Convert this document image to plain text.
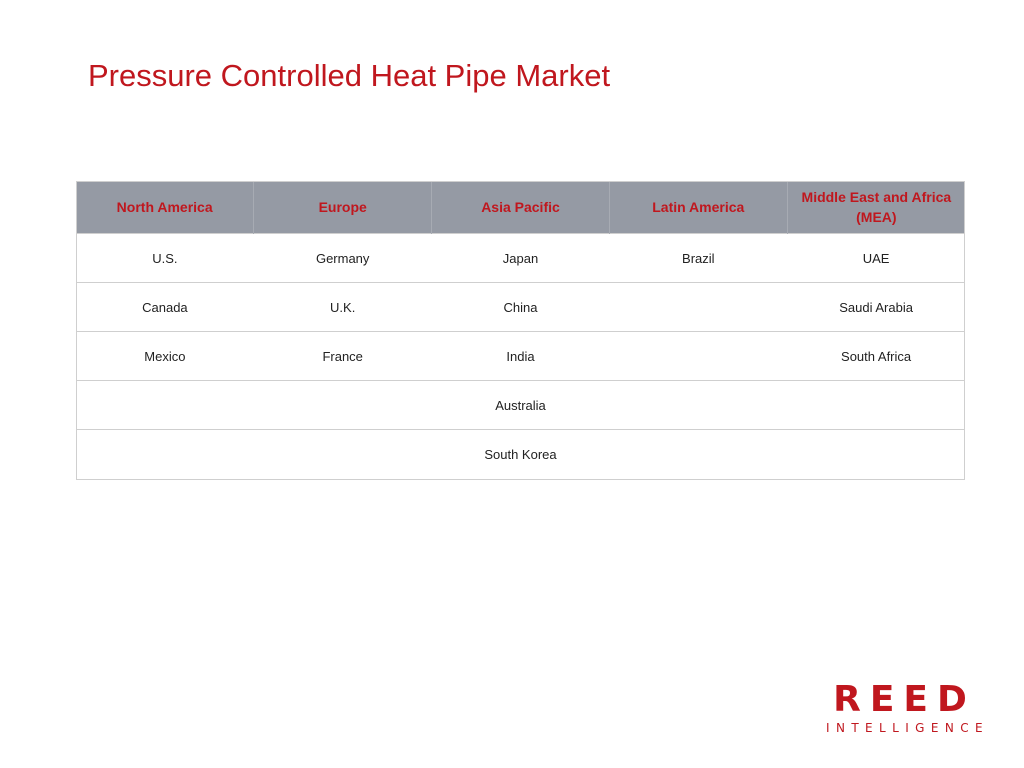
Pressure Controlled Heat Pipe Market
North America	Europe	Asia Pacific	Latin America	Middle East and Africa (MEA)
U.S.	Germany	Japan	Brazil	UAE
Canada	U.K.	China		Saudi Arabia
Mexico	France	India		South Africa
		Australia		
		South Korea		
REED
INTELLIGENCE
